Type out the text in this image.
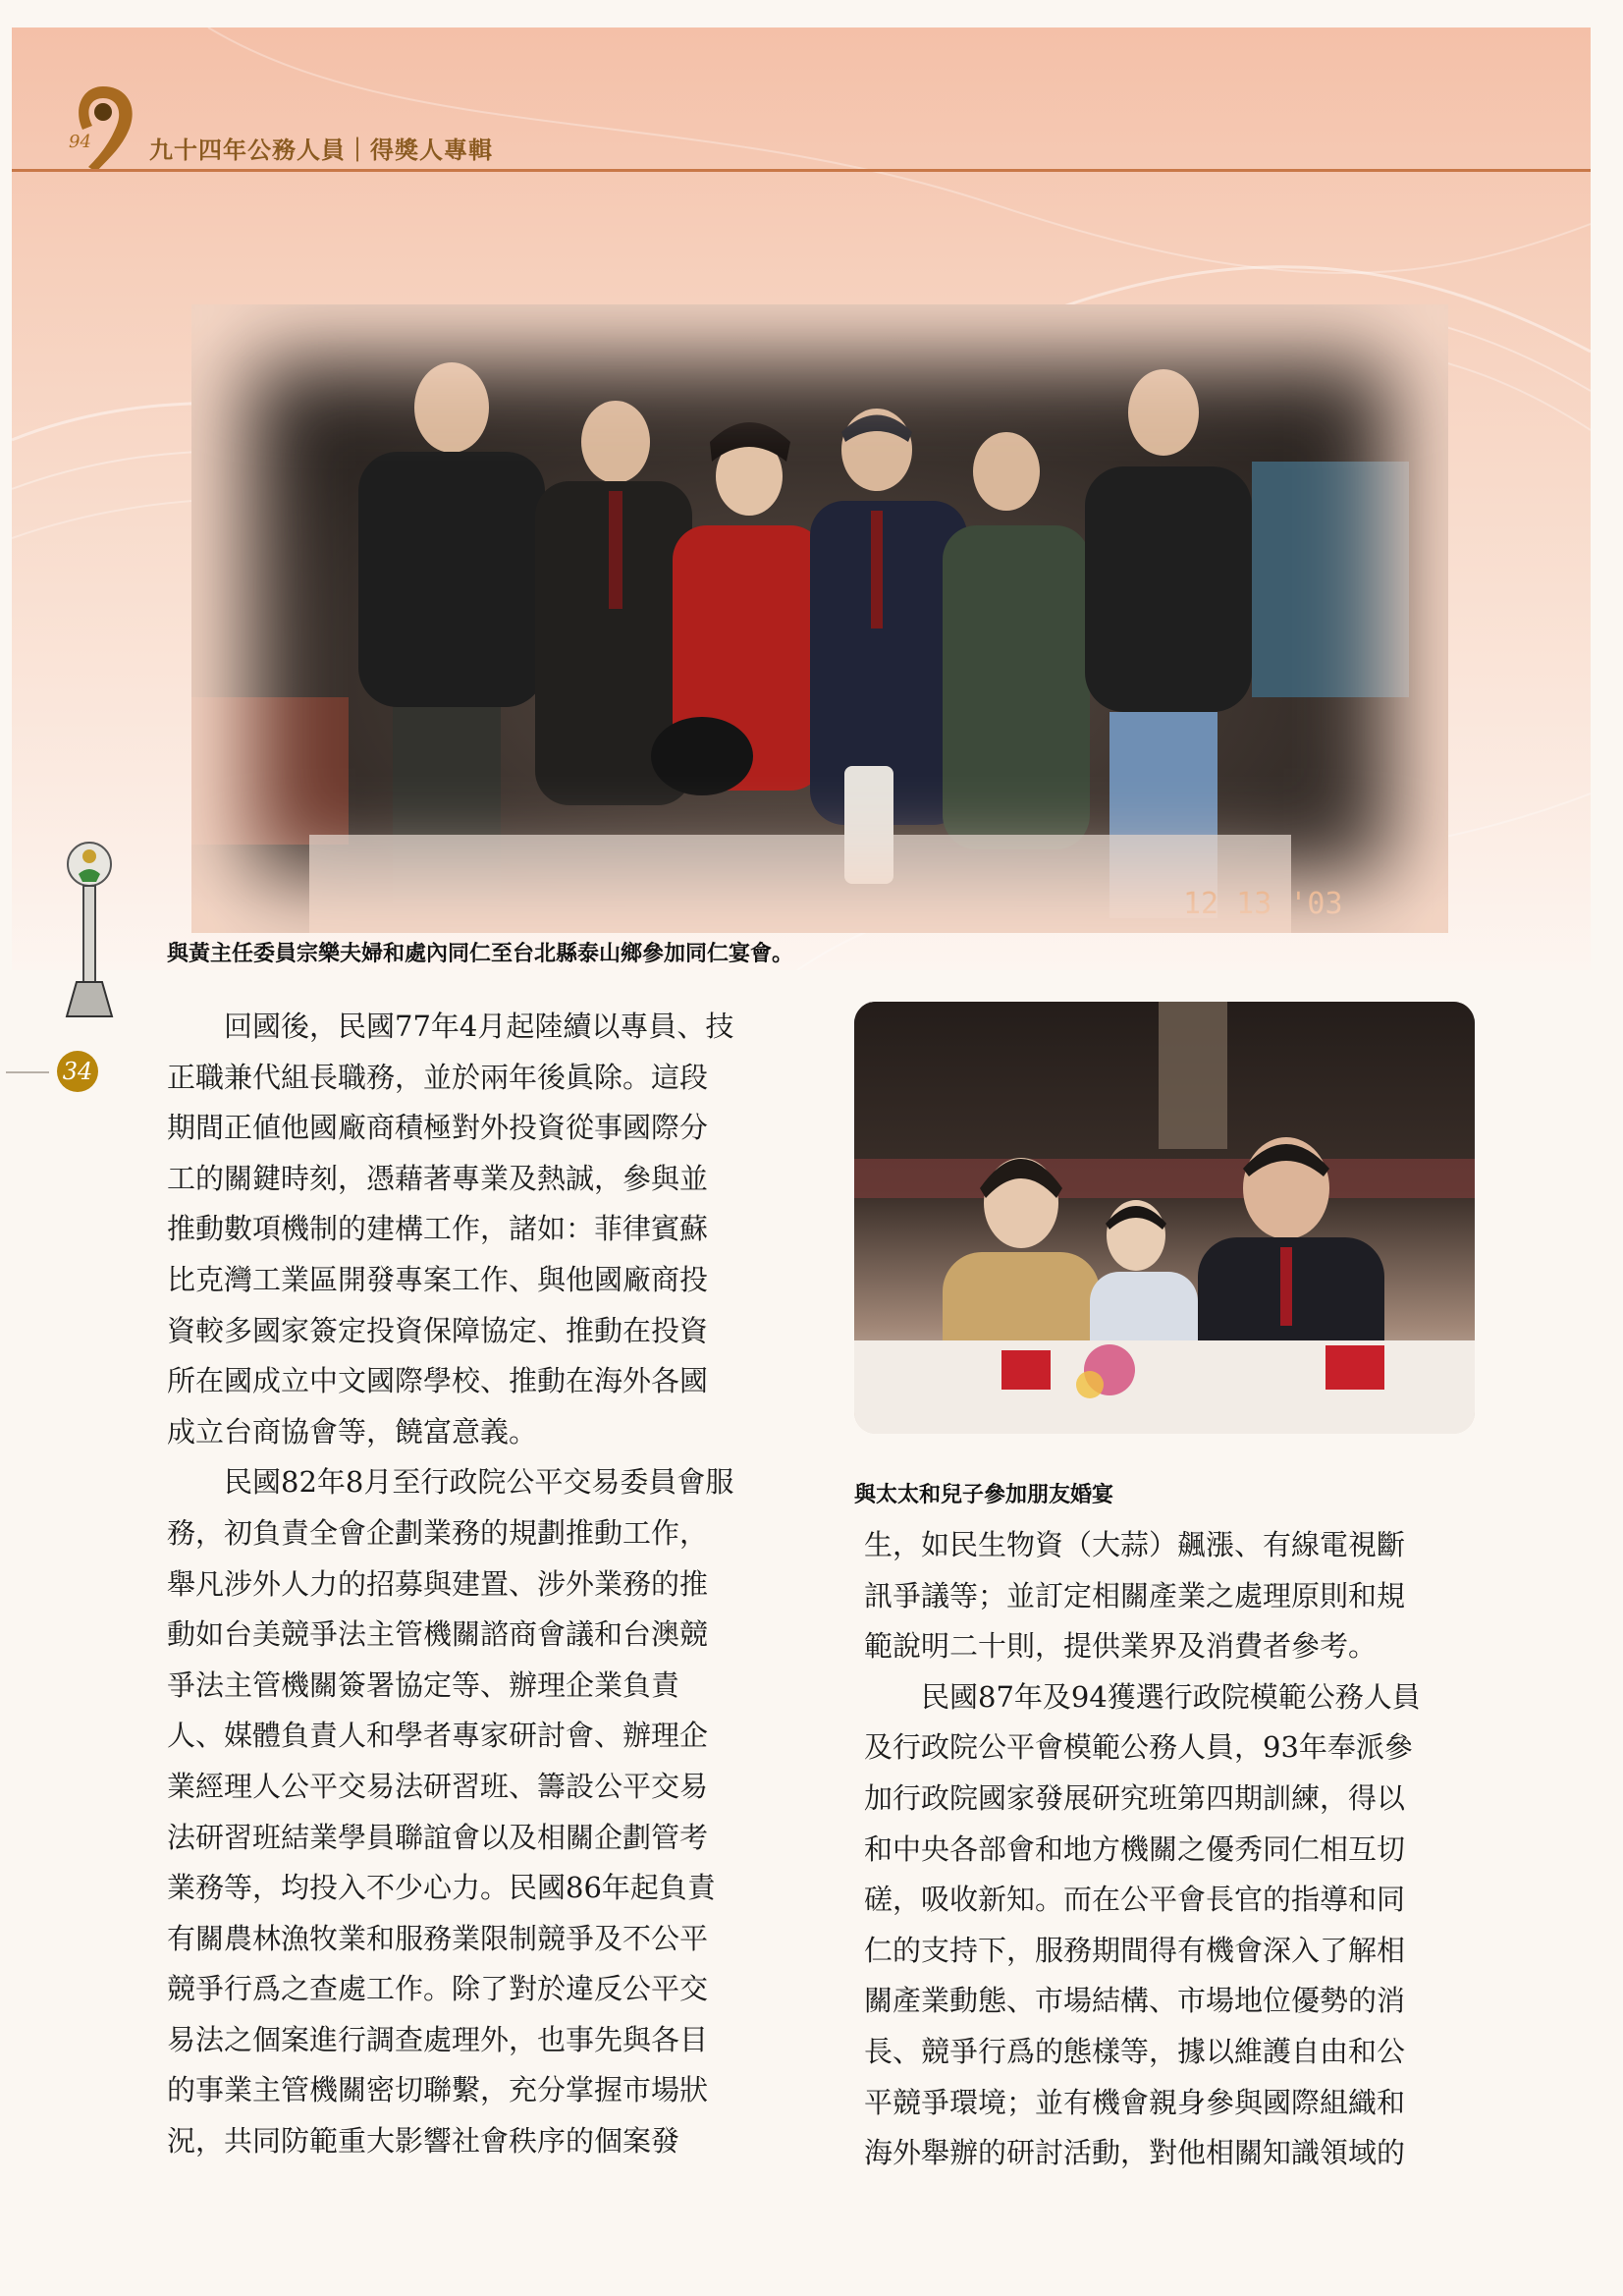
94 九十四年公務人員｜得獎人專輯
12 13 '03
與黃主任委員宗樂夫婦和處內同仁至台北縣泰山鄉參加同仁宴會。
34
　　回國後，民國77年4月起陸續以專員、技
正職兼代組長職務，並於兩年後眞除。這段
期間正値他國廠商積極對外投資從事國際分
工的關鍵時刻，憑藉著專業及熱誠，參與並
推動數項機制的建構工作，諸如：菲律賓蘇
比克灣工業區開發專案工作、與他國廠商投
資較多國家簽定投資保障協定、推動在投資
所在國成立中文國際學校、推動在海外各國
成立台商協會等，饒富意義。
　　民國82年8月至行政院公平交易委員會服
務，初負責全會企劃業務的規劃推動工作，
舉凡涉外人力的招募與建置、涉外業務的推
動如台美競爭法主管機關諮商會議和台澳競
爭法主管機關簽署協定等、辦理企業負責
人、媒體負責人和學者專家研討會、辦理企
業經理人公平交易法研習班、籌設公平交易
法研習班結業學員聯誼會以及相關企劃管考
業務等，均投入不少心力。民國86年起負責
有關農林漁牧業和服務業限制競爭及不公平
競爭行爲之查處工作。除了對於違反公平交
易法之個案進行調查處理外，也事先與各目
的事業主管機關密切聯繫，充分掌握市場狀
況，共同防範重大影響社會秩序的個案發
與太太和兒子參加朋友婚宴
生，如民生物資（大蒜）飆漲、有線電視斷
訊爭議等；並訂定相關產業之處理原則和規
範說明二十則，提供業界及消費者參考。
　　民國87年及94獲選行政院模範公務人員
及行政院公平會模範公務人員，93年奉派參
加行政院國家發展研究班第四期訓練，得以
和中央各部會和地方機關之優秀同仁相互切
磋，吸收新知。而在公平會長官的指導和同
仁的支持下，服務期間得有機會深入了解相
關產業動態、市場結構、市場地位優勢的消
長、競爭行爲的態樣等，據以維護自由和公
平競爭環境；並有機會親身參與國際組織和
海外舉辦的研討活動，對他相關知識領域的
